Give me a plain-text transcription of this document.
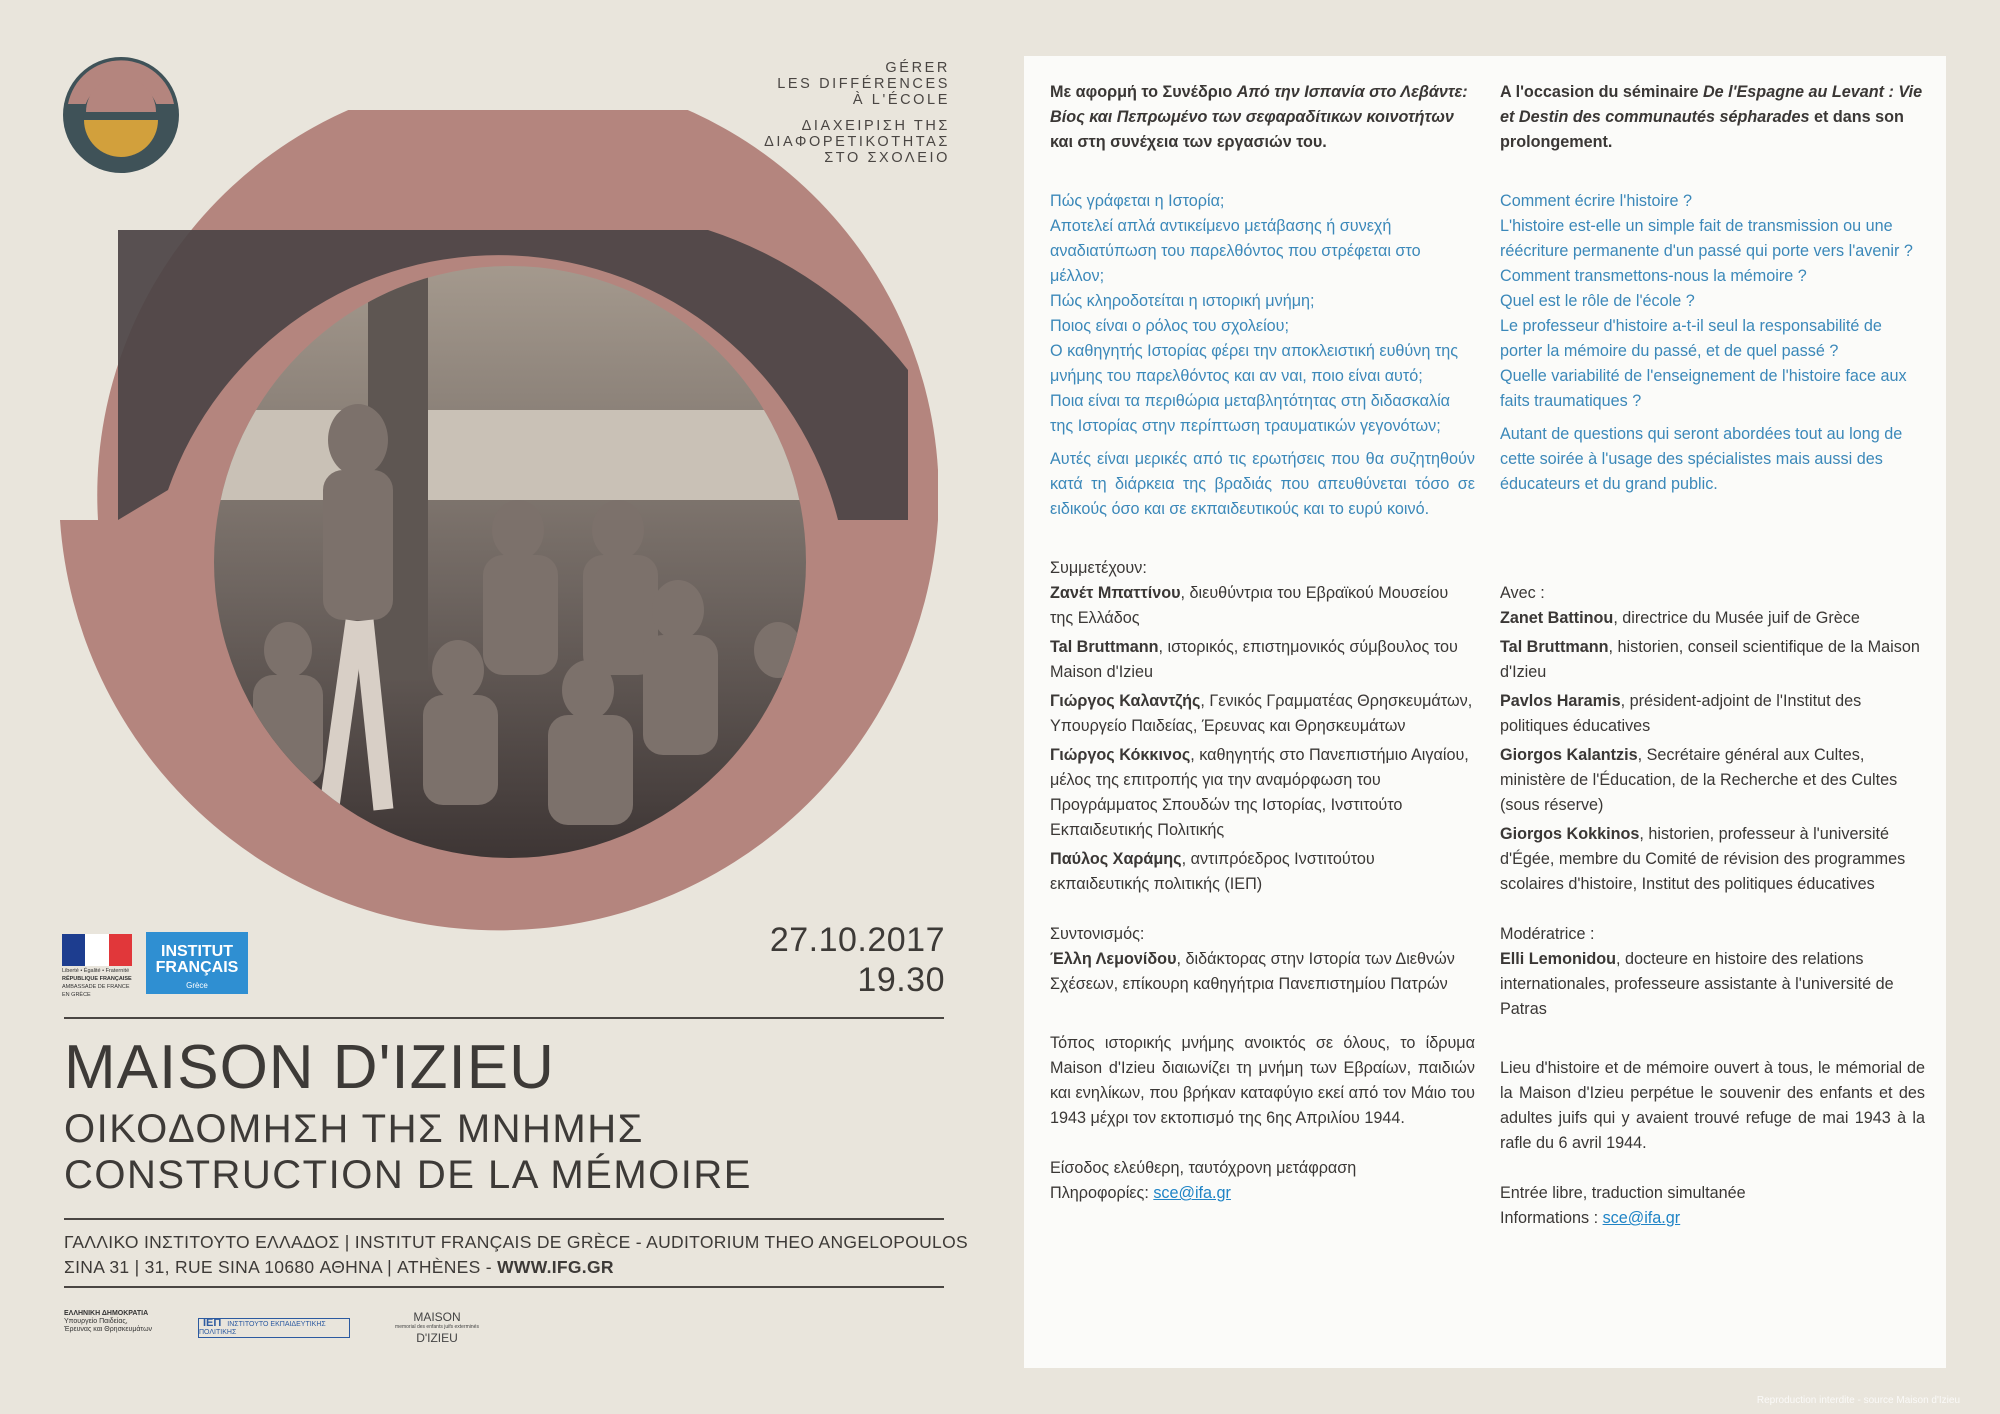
GÉRER
LES DIFFÉRENCES
À L'ÉCOLE
ΔΙΑΧΕΙΡΙΣΗ ΤΗΣ
ΔΙΑΦΟΡΕΤΙΚΟΤΗΤΑΣ
ΣΤΟ ΣΧΟΛΕΙΟ
Liberté • Égalité • Fraternité
RÉPUBLIQUE FRANÇAISE
AMBASSADE DE FRANCE
EN GRÈCE
INSTITUT
FRANÇAIS
Grèce
27.10.2017
19.30
MAISON D'IZIEU
ΟΙΚΟΔΟΜΗΣΗ ΤΗΣ ΜΝΗΜΗΣ
CONSTRUCTION DE LA MÉMOIRE
ΓΑΛΛΙΚΟ ΙΝΣΤΙΤΟΥΤΟ ΕΛΛΑΔΟΣ | INSTITUT FRANÇAIS DE GRÈCE - AUDITORIUM THEO ANGELOPOULOS
ΣΙΝΑ 31 | 31, RUE SINA 10680 ΑΘΗΝΑ | ATHÈNES - WWW.IFG.GR
ΕΛΛΗΝΙΚΗ ΔΗΜΟΚΡΑΤΙΑ
Υπουργείο Παιδείας,
Έρευνας και Θρησκευμάτων
ΙΕΠ ΙΝΣΤΙΤΟΥΤΟ ΕΚΠΑΙΔΕΥΤΙΚΗΣ ΠΟΛΙΤΙΚΗΣ
MAISON
memorial des enfants juifs exterminés
D'IZIEU

Με αφορμή το Συνέδριο Από την Ισπανία στο Λεβάντε: Βίος και Πεπρωμένο των σεφαραδίτικων κοινοτήτων και στη συνέχεια των εργασιών του.

Πώς γράφεται η Ιστορία;

Αποτελεί απλά αντικείμενο μετάβασης ή συνεχή αναδιατύπωση του παρελθόντος που στρέφεται στο μέλλον;

Πώς κληροδοτείται η ιστορική μνήμη;

Ποιος είναι ο ρόλος του σχολείου;

Ο καθηγητής Ιστορίας φέρει την αποκλειστική ευθύνη της μνήμης του παρελθόντος και αν ναι, ποιο είναι αυτό;

Ποια είναι τα περιθώρια μεταβλητότητας στη διδασκαλία της Ιστορίας στην περίπτωση τραυματικών γεγονότων;

Αυτές είναι μερικές από τις ερωτήσεις που θα συζητηθούν κατά τη διάρκεια της βραδιάς που απευθύνεται τόσο σε ειδικούς όσο και σε εκπαιδευτικούς και το ευρύ κοινό.

Συμμετέχουν:

Ζανέτ Μπαττίνου, διευθύντρια του Εβραϊκού Μουσείου της Ελλάδος

Tal Bruttmann, ιστορικός, επιστημονικός σύμβουλος του Maison d'Izieu

Γιώργος Καλαντζής, Γενικός Γραμματέας Θρησκευμάτων, Υπουργείο Παιδείας, Έρευνας και Θρησκευμάτων

Γιώργος Κόκκινος, καθηγητής στο Πανεπιστήμιο Αιγαίου, μέλος της επιτροπής για την αναμόρφωση του Προγράμματος Σπουδών της Ιστορίας, Ινστιτούτο Εκπαιδευτικής Πολιτικής

Παύλος Χαράμης, αντιπρόεδρος Ινστιτούτου εκπαιδευτικής πολιτικής (ΙΕΠ)

Συντονισμός:

Έλλη Λεμονίδου, διδάκτορας στην Ιστορία των Διεθνών Σχέσεων, επίκουρη καθηγήτρια Πανεπιστημίου Πατρών

Τόπος ιστορικής μνήμης ανοικτός σε όλους, το ίδρυμα Maison d'Izieu διαιωνίζει τη μνήμη των Εβραίων, παιδιών και ενηλίκων, που βρήκαν καταφύγιο εκεί από τον Μάιο του 1943 μέχρι τον εκτοπισμό της 6ης Απριλίου 1944.

Είσοδος ελεύθερη, ταυτόχρονη μετάφραση

Πληροφορίες: sce@ifa.gr

A l'occasion du séminaire De l'Espagne au Levant : Vie et Destin des communautés sépharades et dans son prolongement.

Comment écrire l'histoire ?

L'histoire est-elle un simple fait de transmission ou une réécriture permanente d'un passé qui porte vers l'avenir ?

Comment transmettons-nous la mémoire ?

Quel est le rôle de l'école ?

Le professeur d'histoire a-t-il seul la responsabilité de porter la mémoire du passé, et de quel passé ?

Quelle variabilité de l'enseignement de l'histoire face aux faits traumatiques ?

Autant de questions qui seront abordées tout au long de cette soirée à l'usage des spécialistes mais aussi des éducateurs et du grand public.

Avec :

Zanet Battinou, directrice du Musée juif de Grèce

Tal Bruttmann, historien, conseil scientifique de la Maison d'Izieu

Pavlos Haramis, président-adjoint de l'Institut des politiques éducatives

Giorgos Kalantzis, Secrétaire général aux Cultes, ministère de l'Éducation, de la Recherche et des Cultes (sous réserve)

Giorgos Kokkinos, historien, professeur à l'université d'Égée, membre du Comité de révision des programmes scolaires d'histoire, Institut des politiques éducatives

Modératrice :

Elli Lemonidou, docteure en histoire des relations internationales, professeure assistante à l'université de Patras

Lieu d'histoire et de mémoire ouvert à tous, le mémorial de la Maison d'Izieu perpétue le souvenir des enfants et des adultes juifs qui y avaient trouvé refuge de mai 1943 à la rafle du 6 avril 1944.

Entrée libre, traduction simultanée

Informations : sce@ifa.gr

Reproduction interdite - source Maison d'Izieu
